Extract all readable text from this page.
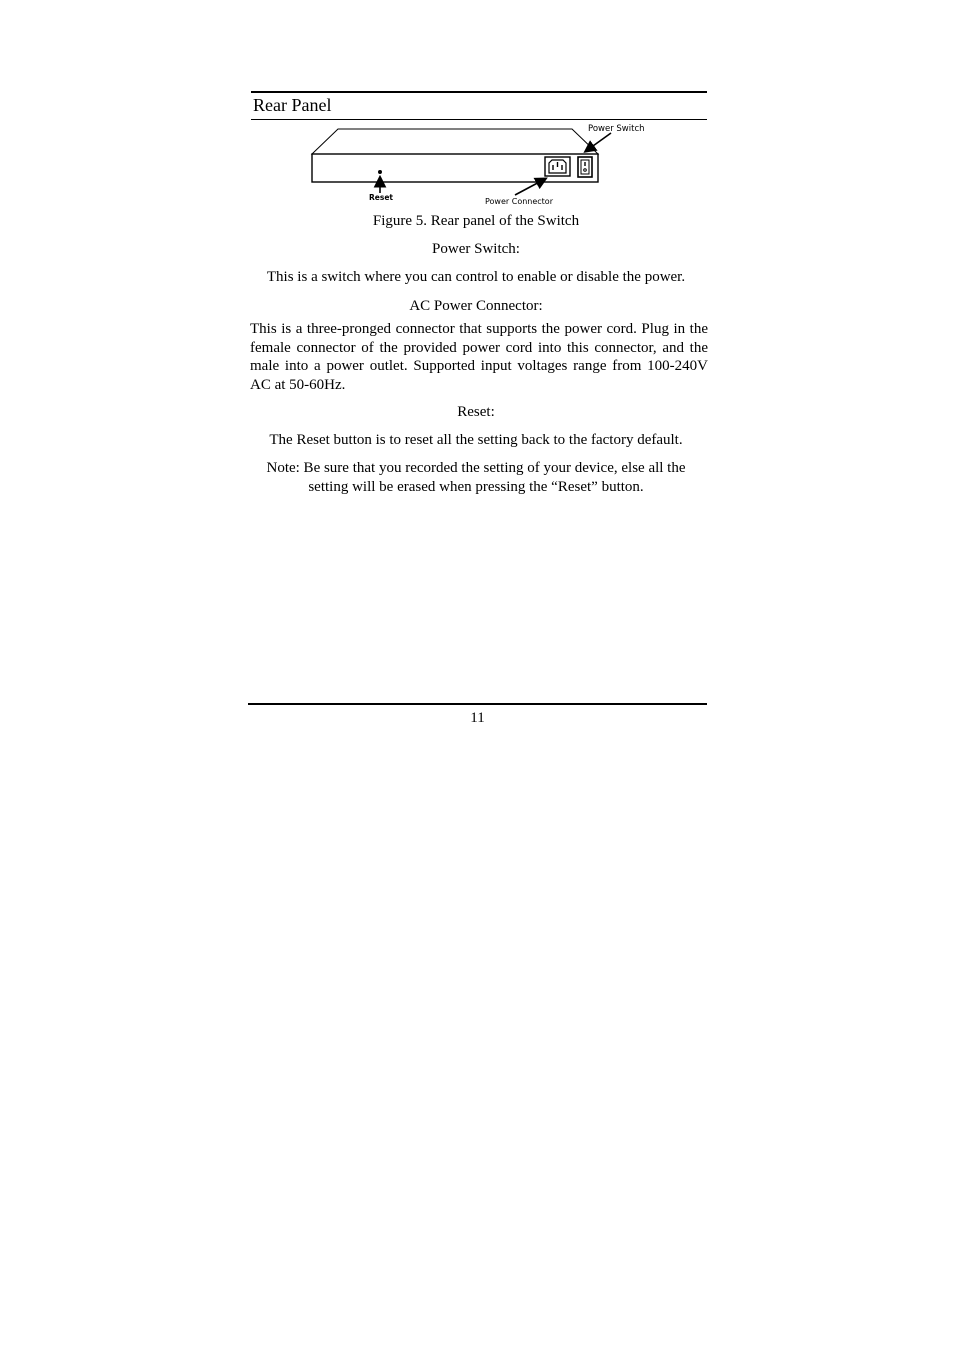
Rear Panel
Power Switch
Power Connector
Reset

Figure 5. Rear panel of the Switch

Power Switch:

This is a switch where you can control to enable or disable the power.

AC Power Connector:

This is a three-pronged connector that supports the power cord. Plug in the female connector of the provided power cord into this connector, and the male into a power outlet. Supported input voltages range from 100-240V AC at 50-60Hz.

Reset:

The Reset button is to reset all the setting back to the factory default.

Note: Be sure that you recorded the setting of your device, else all the setting will be erased when pressing the “Reset” button.

11
